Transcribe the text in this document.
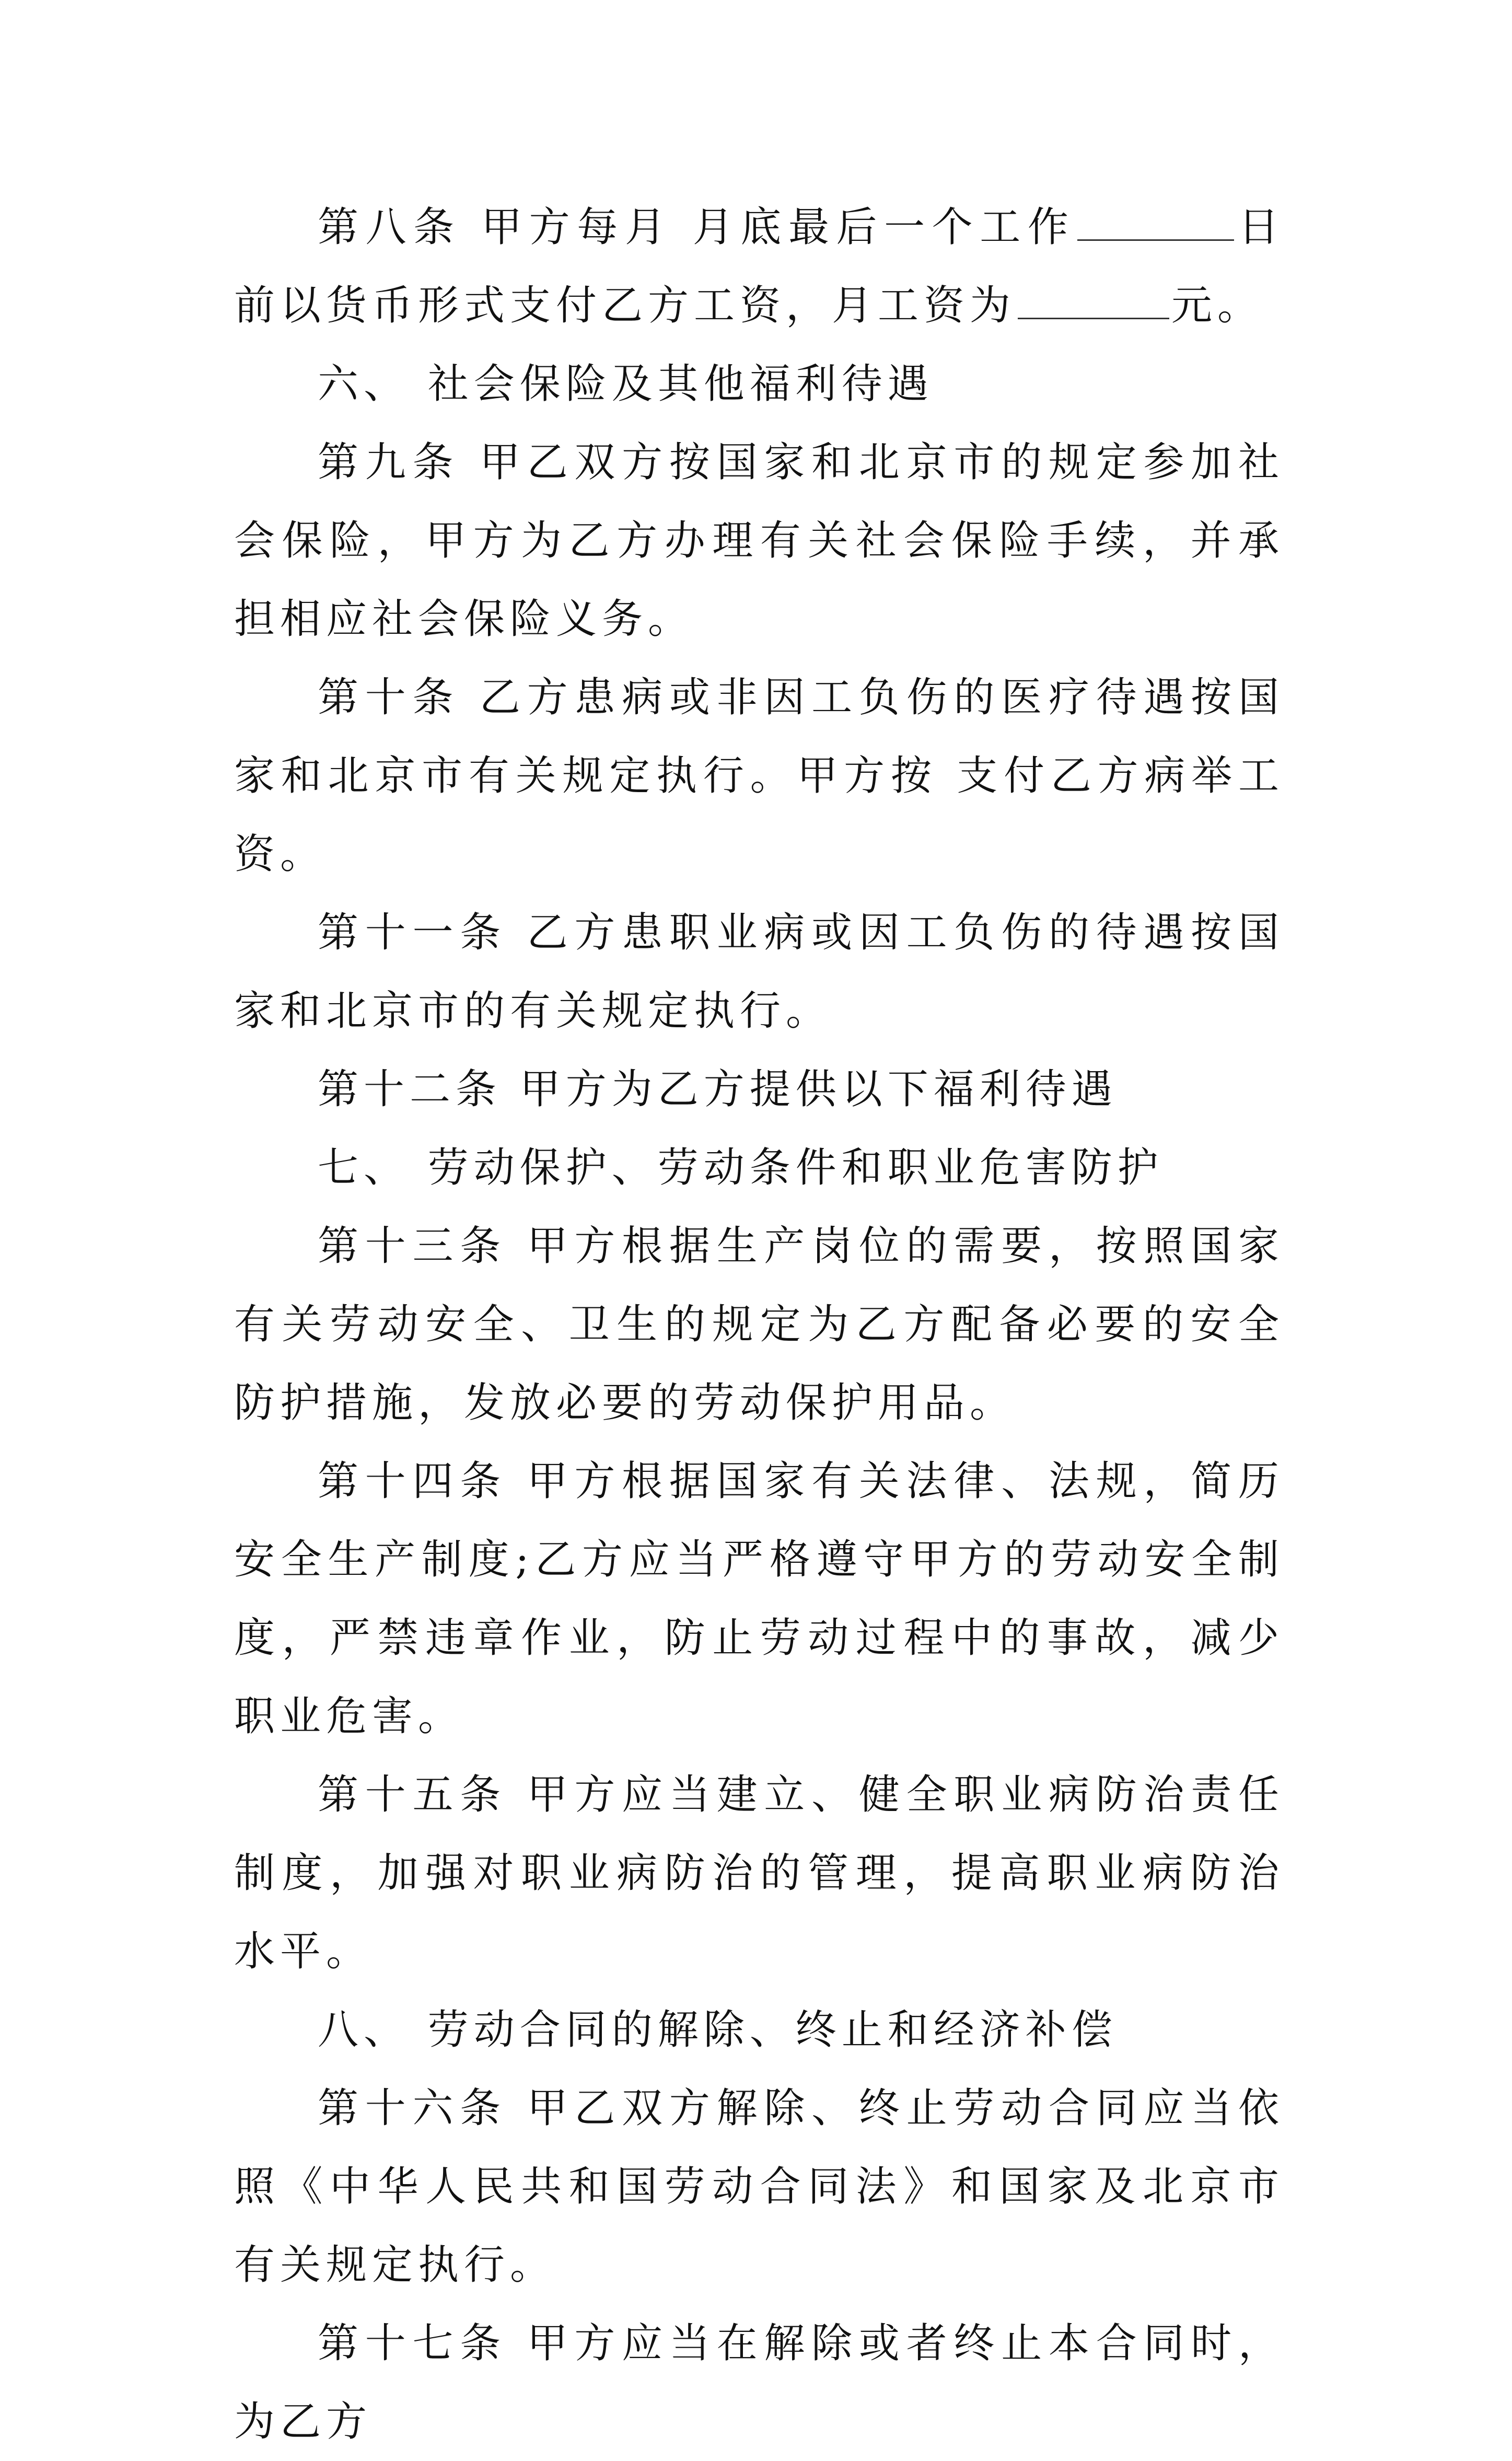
第八条 甲方每月 月底最后一个工作	日前以货币形式支付乙方工资，月工资为	元。

六、 社会保险及其他福利待遇

第九条 甲乙双方按国家和北京市的规定参加社会保险，甲方为乙方办理有关社会保险手续，并承担相应社会保险义务。

第十条 乙方患病或非因工负伤的医疗待遇按国家和北京市有关规定执行。甲方按 支付乙方病举工资。

第十一条 乙方患职业病或因工负伤的待遇按国家和北京市的有关规定执行。

第十二条 甲方为乙方提供以下福利待遇

七、 劳动保护、劳动条件和职业危害防护

第十三条 甲方根据生产岗位的需要，按照国家有关劳动安全、卫生的规定为乙方配备必要的安全防护措施，发放必要的劳动保护用品。

第十四条 甲方根据国家有关法律、法规，简历安全生产制度;乙方应当严格遵守甲方的劳动安全制度，严禁违章作业，防止劳动过程中的事故，减少职业危害。

第十五条 甲方应当建立、健全职业病防治责任制度，加强对职业病防治的管理，提高职业病防治水平。

八、 劳动合同的解除、终止和经济补偿

第十六条 甲乙双方解除、终止劳动合同应当依照《中华人民共和国劳动合同法》和国家及北京市有关规定执行。

第十七条 甲方应当在解除或者终止本合同时，为乙方
